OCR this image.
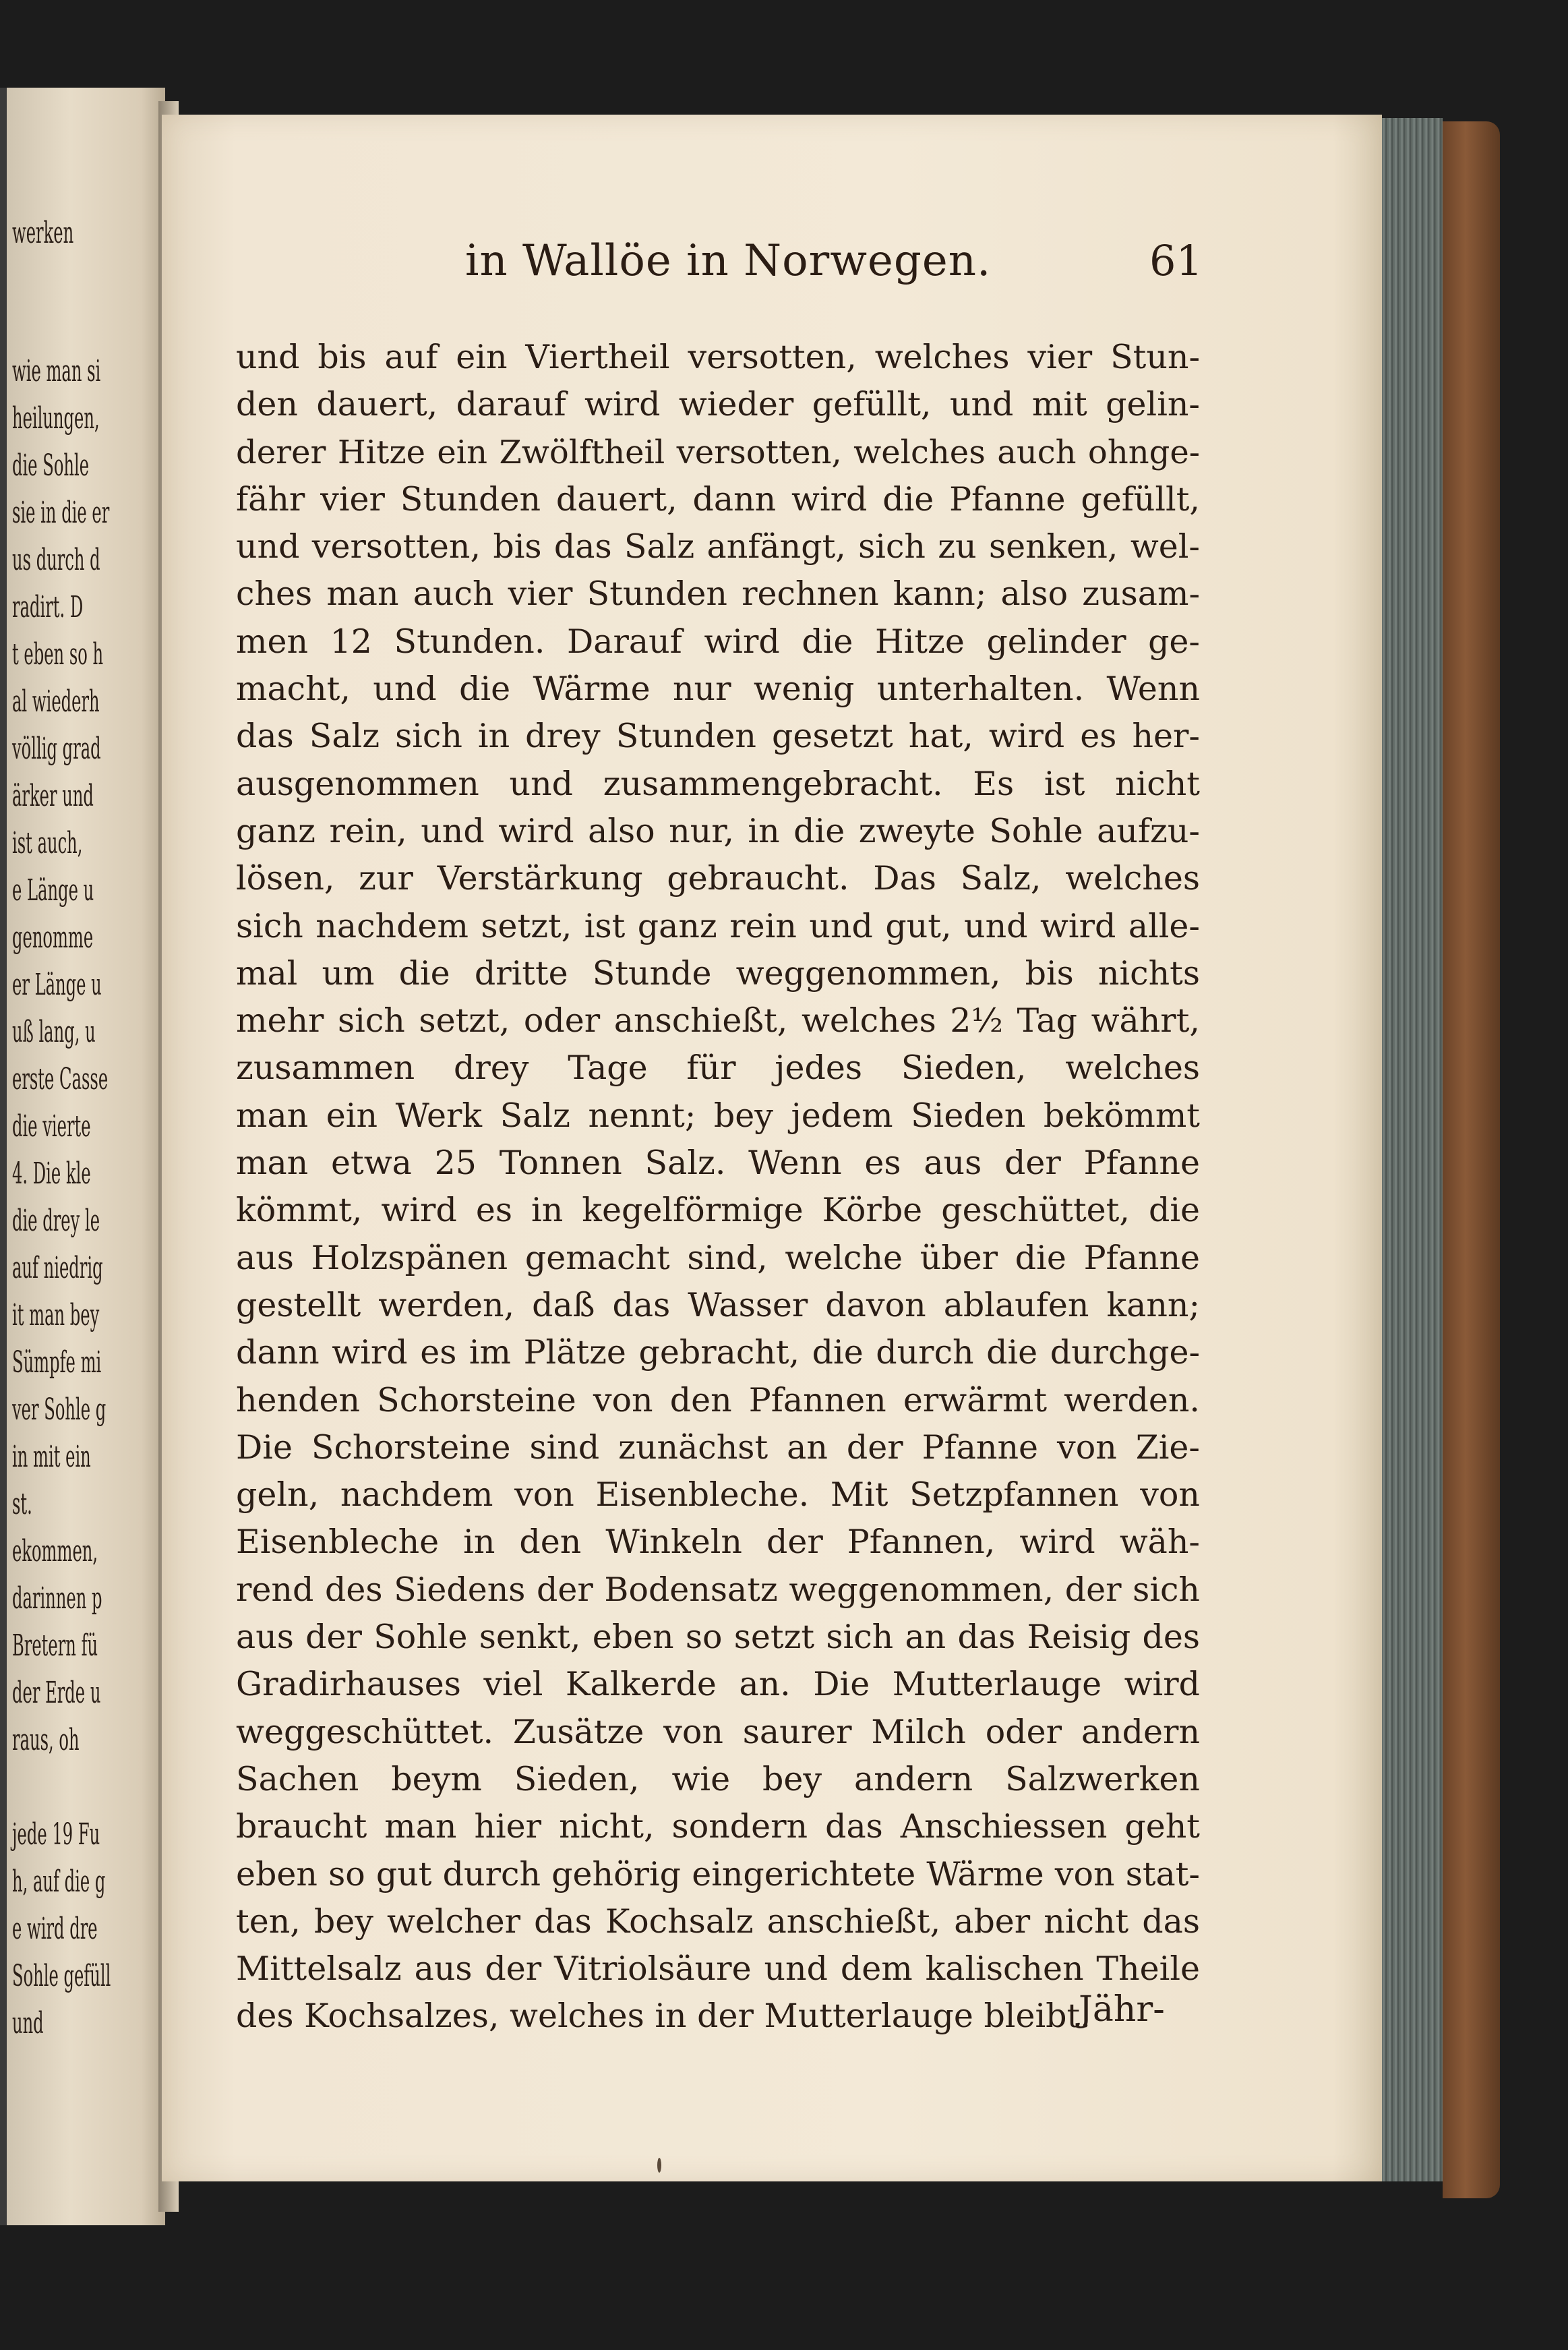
werken
wie man si
heilungen,
die Sohle
sie in die er
us durch d
radirt. D
t eben so h
al wiederh
völlig grad
ärker und
ist auch,
e Länge u
genomme
er Länge u
uß lang, u
erste Casse
die vierte
4. Die kle
die drey le
auf niedrig
it man bey
Sümpfe mi
ver Sohle g
in mit ein
st.
ekommen,
darinnen p
Bretern fü
der Erde u
raus, oh
jede 19 Fu
h, auf die g
e wird dre
Sohle gefüll
und
in Wallöe in Norwegen.	61
und bis auf ein Viertheil versotten, welches vier Stun-
den dauert, darauf wird wieder gefüllt, und mit gelin-
derer Hitze ein Zwölftheil versotten, welches auch ohnge-
fähr vier Stunden dauert, dann wird die Pfanne gefüllt,
und versotten, bis das Salz anfängt, sich zu senken, wel-
ches man auch vier Stunden rechnen kann; also zusam-
men 12 Stunden. Darauf wird die Hitze gelinder ge-
macht, und die Wärme nur wenig unterhalten. Wenn
das Salz sich in drey Stunden gesetzt hat, wird es her-
ausgenommen und zusammengebracht. Es ist nicht
ganz rein, und wird also nur, in die zweyte Sohle aufzu-
lösen, zur Verstärkung gebraucht. Das Salz, welches
sich nachdem setzt, ist ganz rein und gut, und wird alle-
mal um die dritte Stunde weggenommen, bis nichts
mehr sich setzt, oder anschießt, welches 2½ Tag währt,
zusammen drey Tage für jedes Sieden, welches
man ein Werk Salz nennt; bey jedem Sieden bekömmt
man etwa 25 Tonnen Salz. Wenn es aus der Pfanne
kömmt, wird es in kegelförmige Körbe geschüttet, die
aus Holzspänen gemacht sind, welche über die Pfanne
gestellt werden, daß das Wasser davon ablaufen kann;
dann wird es im Plätze gebracht, die durch die durchge-
henden Schorsteine von den Pfannen erwärmt werden.
Die Schorsteine sind zunächst an der Pfanne von Zie-
geln, nachdem von Eisenbleche. Mit Setzpfannen von
Eisenbleche in den Winkeln der Pfannen, wird wäh-
rend des Siedens der Bodensatz weggenommen, der sich
aus der Sohle senkt, eben so setzt sich an das Reisig des
Gradirhauses viel Kalkerde an. Die Mutterlauge wird
weggeschüttet. Zusätze von saurer Milch oder andern
Sachen beym Sieden, wie bey andern Salzwerken
braucht man hier nicht, sondern das Anschiessen geht
eben so gut durch gehörig eingerichtete Wärme von stat-
ten, bey welcher das Kochsalz anschießt, aber nicht das
Mittelsalz aus der Vitriolsäure und dem kalischen Theile
des Kochsalzes, welches in der Mutterlauge bleibt.
Jähr-
